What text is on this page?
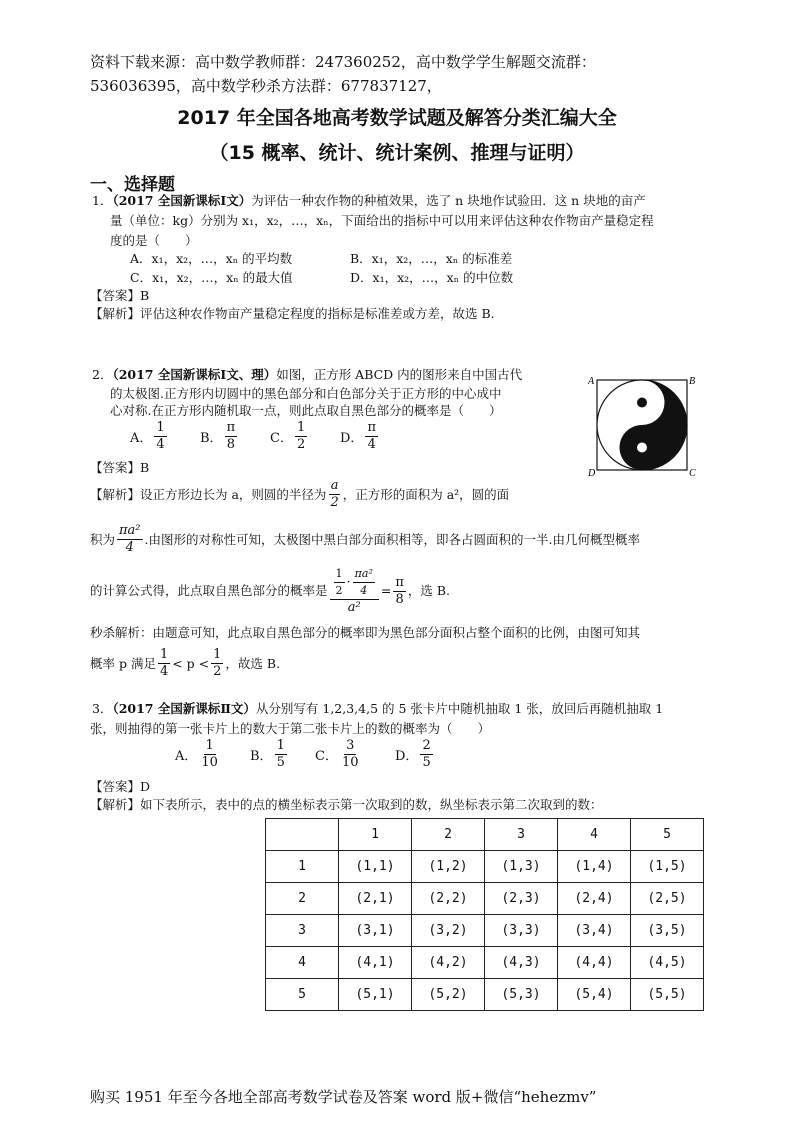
资料下载来源：高中数学教师群：247360252，高中数学学生解题交流群：
536036395，高中数学秒杀方法群：677837127，
2017 年全国各地高考数学试题及解答分类汇编大全
（15 概率、统计、统计案例、推理与证明）
一、选择题
1．（2017 全国新课标Ⅰ文）为评估一种农作物的种植效果，选了 n 块地作试验田．这 n 块地的亩产
量（单位：kg）分别为 x₁，x₂，…，xₙ，下面给出的指标中可以用来评估这种农作物亩产量稳定程
度的是（　　）
A．x₁，x₂，…，xₙ 的平均数	B．x₁，x₂，…，xₙ 的标准差
C．x₁，x₂，…，xₙ 的最大值	D．x₁，x₂，…，xₙ 的中位数
【答案】B
【解析】评估这种农作物亩产量稳定程度的指标是标准差或方差，故选 B.
2．（2017 全国新课标Ⅰ文、理）如图，正方形 ABCD 内的图形来自中国古代
的太极图.正方形内切圆中的黑色部分和白色部分关于正方形的中心成中
心对称.在正方形内随机取一点，则此点取自黑色部分的概率是（　　）
A． $\frac{1}{4}$	B． $\frac{\pi}{8}$	C． $\frac{1}{2}$	D． $\frac{\pi}{4}$
A	B
C
D
【答案】B
【解析】设正方形边长为 a，则圆的半径为 $\frac{a}{2}$ ，正方形的面积为 a²，圆的面
积为 $\frac{\text{πa²}}{4}$ .由图形的对称性可知，太极图中黑白部分面积相等，即各占圆面积的一半.由几何概型概率
的计算公式得，此点取自黑色部分的概率是 $\frac{\frac{1}{2} \cdot \frac{\text{πa²}}{4}}{\text{a²}} = \frac{\pi}{8}$ ，选 B.
秒杀解析：由题意可知，此点取自黑色部分的概率即为黑色部分面积占整个面积的比例，由图可知其
概率 p 满足 $\frac{1}{4} < p < \frac{1}{2}$ ，故选 B.
3．（2017 全国新课标Ⅱ文）从分别写有 1,2,3,4,5 的 5 张卡片中随机抽取 1 张，放回后再随机抽取 1
张，则抽得的第一张卡片上的数大于第二张卡片上的数的概率为（　　）
A． $\frac{1}{10}$ B． $\frac{1}{5}$ C． $\frac{3}{10}$	D． $\frac{2}{5}$
【答案】D
【解析】如下表所示，表中的点的横坐标表示第一次取到的数，纵坐标表示第二次取到的数：
	1	2	3	4	5
1	(1,1)	(1,2)	(1,3)	(1,4)	(1,5)
2	(2,1)	(2,2)	(2,3)	(2,4)	(2,5)
3	(3,1)	(3,2)	(3,3)	(3,4)	(3,5)
4	(4,1)	(4,2)	(4,3)	(4,4)	(4,5)
5	(5,1)	(5,2)	(5,3)	(5,4)	(5,5)
购买 1951 年至今各地全部高考数学试卷及答案 word 版+微信“hehezmv”
